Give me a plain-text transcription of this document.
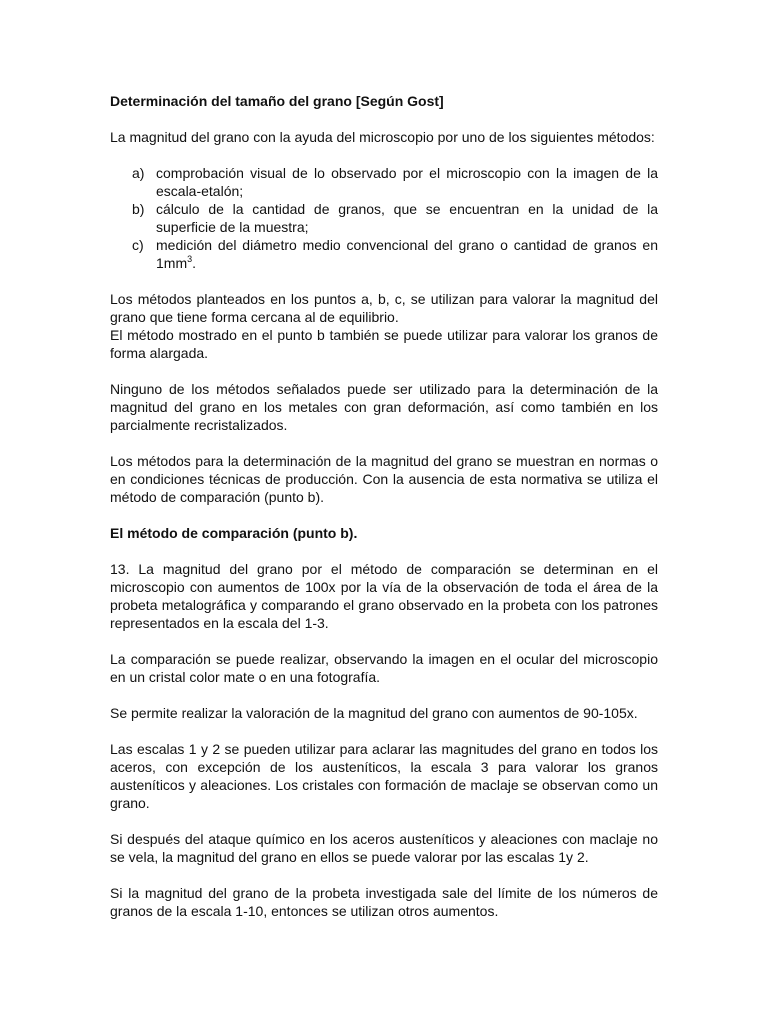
Determinación del tamaño del grano [Según Gost]

La magnitud del grano con la ayuda del microscopio por uno de los siguientes métodos:

a) comprobación visual de lo observado por el microscopio con la imagen de la escala-etalón;
b) cálculo de la cantidad de granos, que se encuentran en la unidad de la superficie de la muestra;
c) medición del diámetro medio convencional del grano o cantidad de granos en $1mm^3$.

Los métodos planteados en los puntos a, b, c, se utilizan para valorar la magnitud del grano que tiene forma cercana al de equilibrio.

El método mostrado en el punto b también se puede utilizar para valorar los granos de forma alargada.

Ninguno de los métodos señalados puede ser utilizado para la determinación de la magnitud del grano en los metales con gran deformación, así como también en los parcialmente recristalizados.

Los métodos para la determinación de la magnitud del grano se muestran en normas o en condiciones técnicas de producción. Con la ausencia de esta normativa se utiliza el método de comparación (punto b).

El método de comparación (punto b).

13. La magnitud del grano por el método de comparación se determinan en el microscopio con aumentos de 100x por la vía de la observación de toda el área de la probeta metalográfica y comparando el grano observado en la probeta con los patrones representados en la escala del 1-3.

La comparación se puede realizar, observando la imagen en el ocular del microscopio en un cristal color mate o en una fotografía.

Se permite realizar la valoración de la magnitud del grano con aumentos de 90-105x.

Las escalas 1 y 2 se pueden utilizar para aclarar las magnitudes del grano en todos los aceros, con excepción de los austeníticos, la escala 3 para valorar los granos austeníticos y aleaciones. Los cristales con formación de maclaje se observan como un grano.

Si después del ataque químico en los aceros austeníticos y aleaciones con maclaje no se vela, la magnitud del grano en ellos se puede valorar por las escalas 1y 2.

Si la magnitud del grano de la probeta investigada sale del límite de los números de granos de la escala 1-10, entonces se utilizan otros aumentos.
